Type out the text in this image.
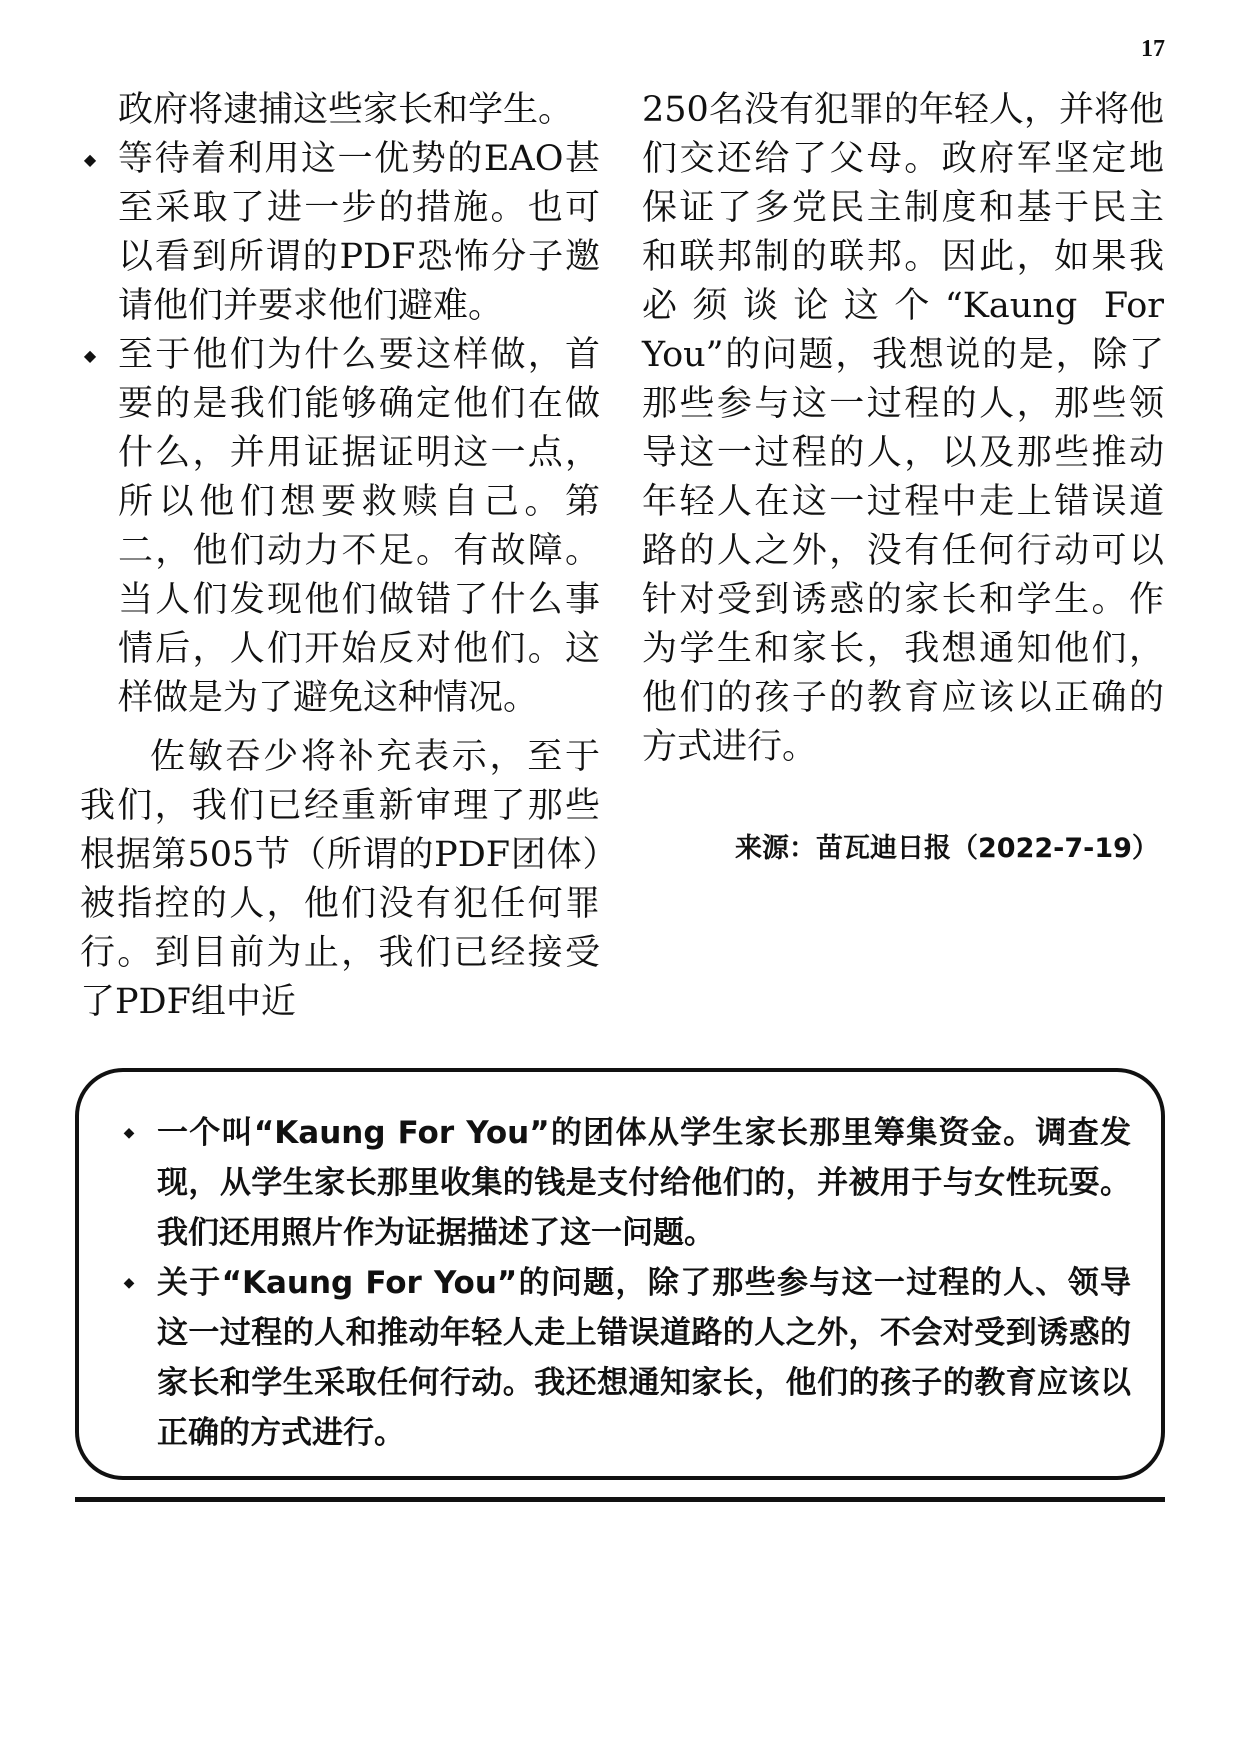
17

政府将逮捕这些家长和学生。

◆ 等待着利用这一优势的EAO甚至采取了进一步的措施。也可以看到所谓的PDF恐怖分子邀请他们并要求他们避难。
◆ 至于他们为什么要这样做，首要的是我们能够确定他们在做什么，并用证据证明这一点，所以他们想要救赎自己。第二，他们动力不足。有故障。当人们发现他们做错了什么事情后，人们开始反对他们。这样做是为了避免这种情况。

佐敏吞少将补充表示，至于我们，我们已经重新审理了那些根据第505节（所谓的PDF团体）被指控的人，他们没有犯任何罪行。到目前为止，我们已经接受了PDF组中近

250名没有犯罪的年轻人，并将他们交还给了父母。政府军坚定地保证了多党民主制度和基于民主和联邦制的联邦。因此，如果我必须谈论这个“Kaung For You”的问题，我想说的是，除了那些参与这一过程的人，那些领导这一过程的人，以及那些推动年轻人在这一过程中走上错误道路的人之外，没有任何行动可以针对受到诱惑的家长和学生。作为学生和家长，我想通知他们，他们的孩子的教育应该以正确的方式进行。

来源：苗瓦迪日报（2022-7-19）
◆ 一个叫“Kaung For You”的团体从学生家长那里筹集资金。调查发现，从学生家长那里收集的钱是支付给他们的，并被用于与女性玩耍。我们还用照片作为证据描述了这一问题。
◆ 关于“Kaung For You”的问题，除了那些参与这一过程的人、领导这一过程的人和推动年轻人走上错误道路的人之外，不会对受到诱惑的家长和学生采取任何行动。我还想通知家长，他们的孩子的教育应该以正确的方式进行。
